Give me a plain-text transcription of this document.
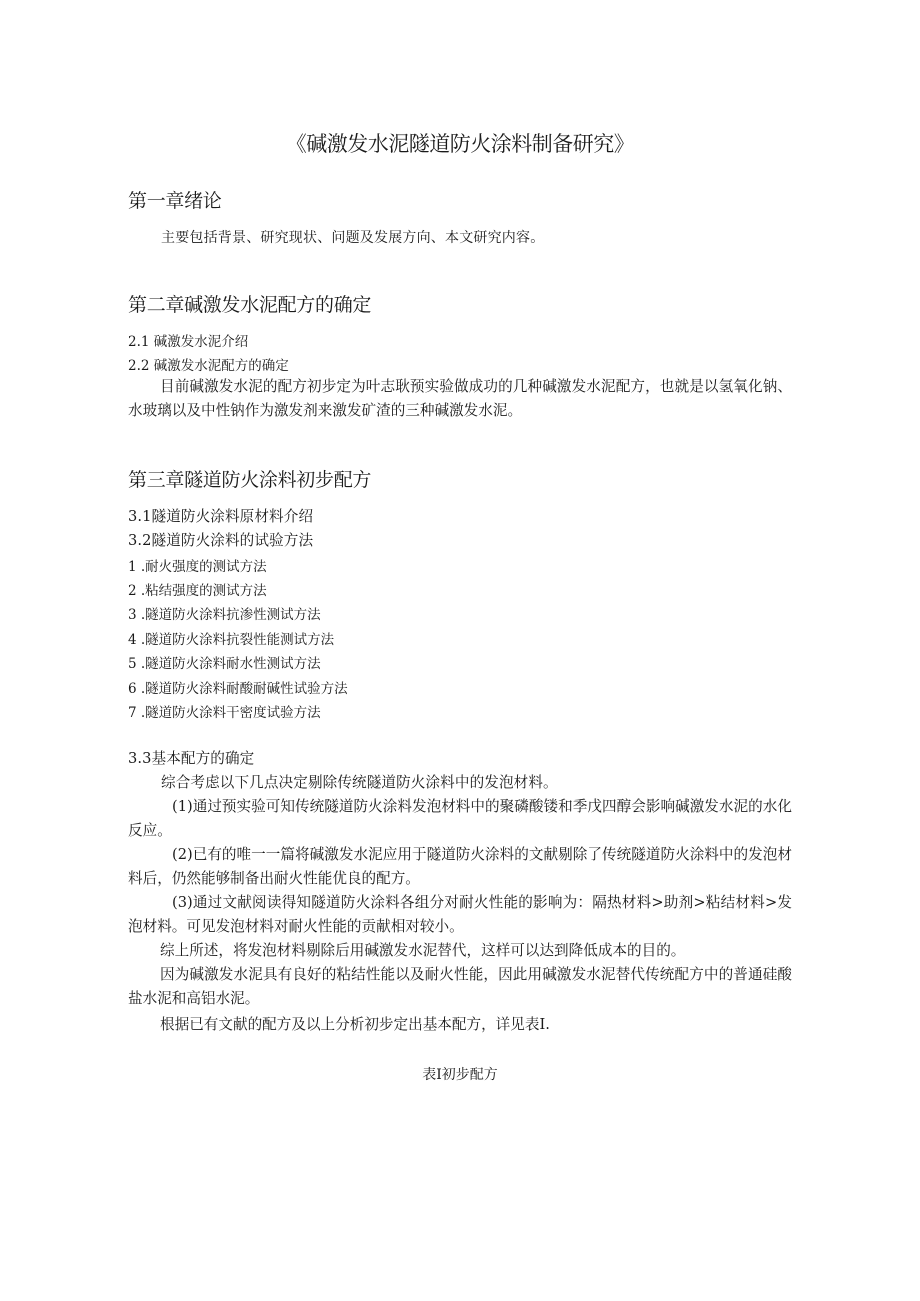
《碱激发水泥隧道防火涂料制备研究》
第一章绪论
主要包括背景、研究现状、问题及发展方向、本文研究内容。
第二章碱激发水泥配方的确定
2.1 碱激发水泥介绍
2.2 碱激发水泥配方的确定
目前碱激发水泥的配方初步定为叶志耿预实验做成功的几种碱激发水泥配方，也就是以氢氧化钠、水玻璃以及中性钠作为激发剂来激发矿渣的三种碱激发水泥。
第三章隧道防火涂料初步配方
3.1隧道防火涂料原材料介绍
3.2隧道防火涂料的试验方法
1 .耐火强度的测试方法
2 .粘结强度的测试方法
3 .隧道防火涂料抗渗性测试方法
4 .隧道防火涂料抗裂性能测试方法
5 .隧道防火涂料耐水性测试方法
6 .隧道防火涂料耐酸耐碱性试验方法
7 .隧道防火涂料干密度试验方法
3.3基本配方的确定
综合考虑以下几点决定剔除传统隧道防火涂料中的发泡材料。
(1)通过预实验可知传统隧道防火涂料发泡材料中的聚磷酸镂和季戊四醇会影响碱激发水泥的水化反应。
(2)已有的唯一一篇将碱激发水泥应用于隧道防火涂料的文献剔除了传统隧道防火涂料中的发泡材料后，仍然能够制备出耐火性能优良的配方。
(3)通过文献阅读得知隧道防火涂料各组分对耐火性能的影响为：隔热材料>助剂>粘结材料>发泡材料。可见发泡材料对耐火性能的贡献相对较小。
综上所述，将发泡材料剔除后用碱激发水泥替代，这样可以达到降低成本的目的。
因为碱激发水泥具有良好的粘结性能以及耐火性能，因此用碱激发水泥替代传统配方中的普通硅酸盐水泥和高铝水泥。
根据已有文献的配方及以上分析初步定出基本配方，详见表I.
表I初步配方
